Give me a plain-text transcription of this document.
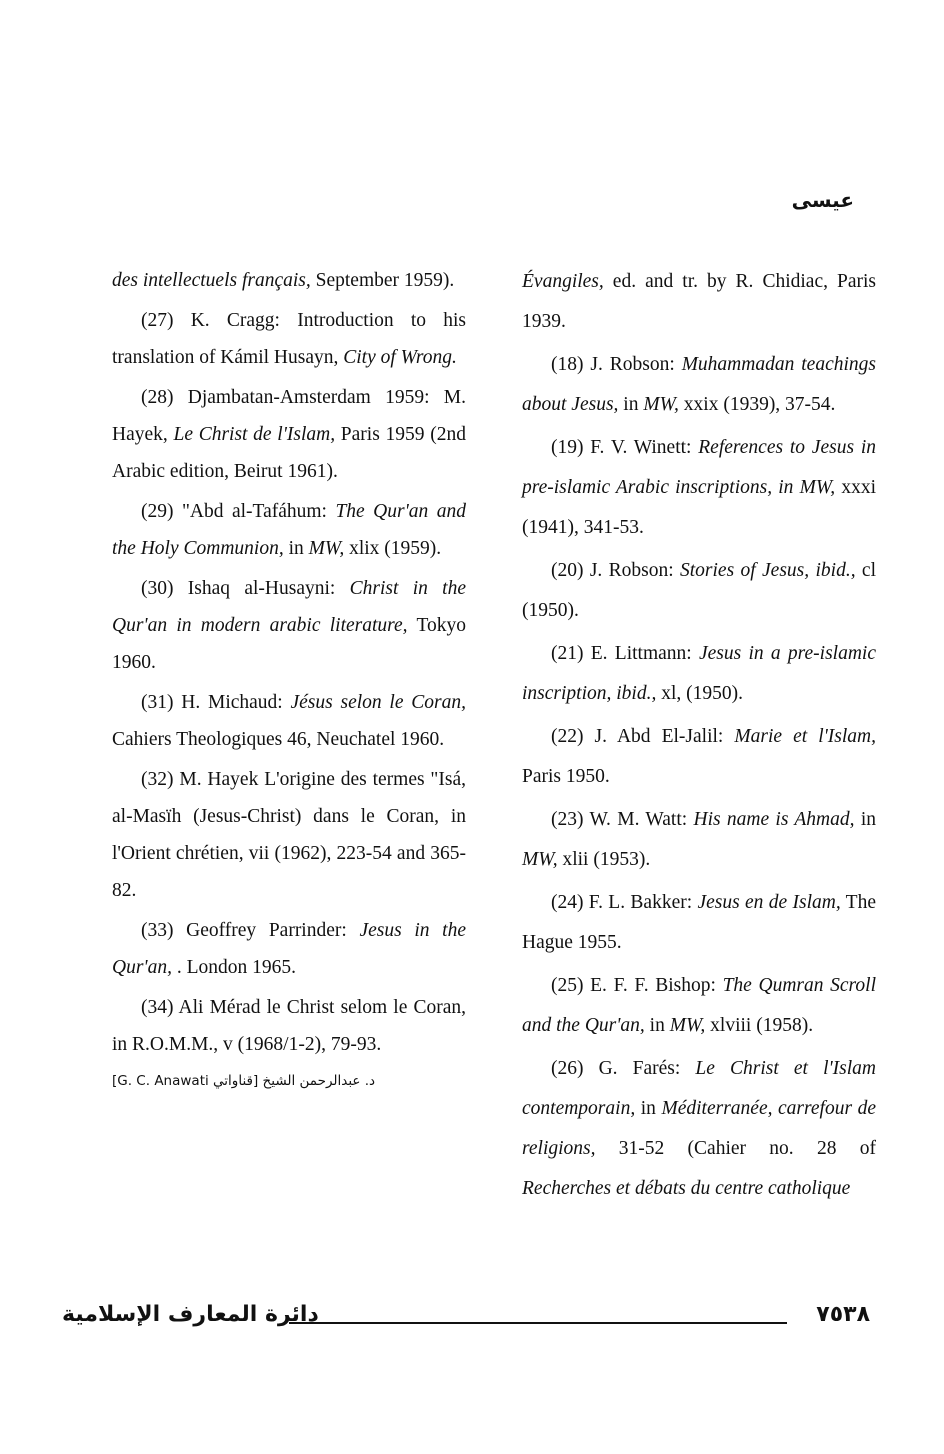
عيسى

des intellectuels français, September 1959).

(27) K. Cragg: Introduction to his translation of Kámil Husayn, City of Wrong.

(28) Djambatan-Amsterdam 1959: M. Hayek, Le Christ de l'Islam, Paris 1959 (2nd Arabic edition, Beirut 1961).

(29) "Abd al-Tafáhum: The Qur'an and the Holy Communion, in MW, xlix (1959).

(30) Ishaq al-Husayni: Christ in the Qur'an in modern arabic literature, Tokyo 1960.

(31) H. Michaud: Jésus selon le Coran, Cahiers Theologiques 46, Neuchatel 1960.

(32) M. Hayek L'origine des termes "Isá, al-Masïh (Jesus-Christ) dans le Coran, in l'Orient chrétien, vii (1962), 223-54 and 365-82.

(33) Geoffrey Parrinder: Jesus in the Qur'an, . London 1965.

(34) Ali Mérad le Christ selom le Coran, in R.O.M.M., v (1968/1-2), 79-93.

[G. C. Anawati د. عبدالرحمن الشيخ [قناواتي

Évangiles, ed. and tr. by R. Chidiac, Paris 1939.

(18) J. Robson: Muhammadan teachings about Jesus, in MW, xxix (1939), 37-54.

(19) F. V. Winett: References to Jesus in pre-islamic Arabic inscriptions, in MW, xxxi (1941), 341-53.

(20) J. Robson: Stories of Jesus, ibid., cl (1950).

(21) E. Littmann: Jesus in a pre-islamic inscription, ibid., xl, (1950).

(22) J. Abd El-Jalil: Marie et l'Islam, Paris 1950.

(23) W. M. Watt: His name is Ahmad, in MW, xlii (1953).

(24) F. L. Bakker: Jesus en de Islam, The Hague 1955.

(25) E. F. F. Bishop: The Qumran Scroll and the Qur'an, in MW, xlviii (1958).

(26) G. Farés: Le Christ et l'Islam contemporain, in Méditerranée, carrefour de religions, 31-52 (Cahier no. 28 of Recherches et débats du centre catholique

دائرة المعارف الإسلامية	٧٥٣٨
